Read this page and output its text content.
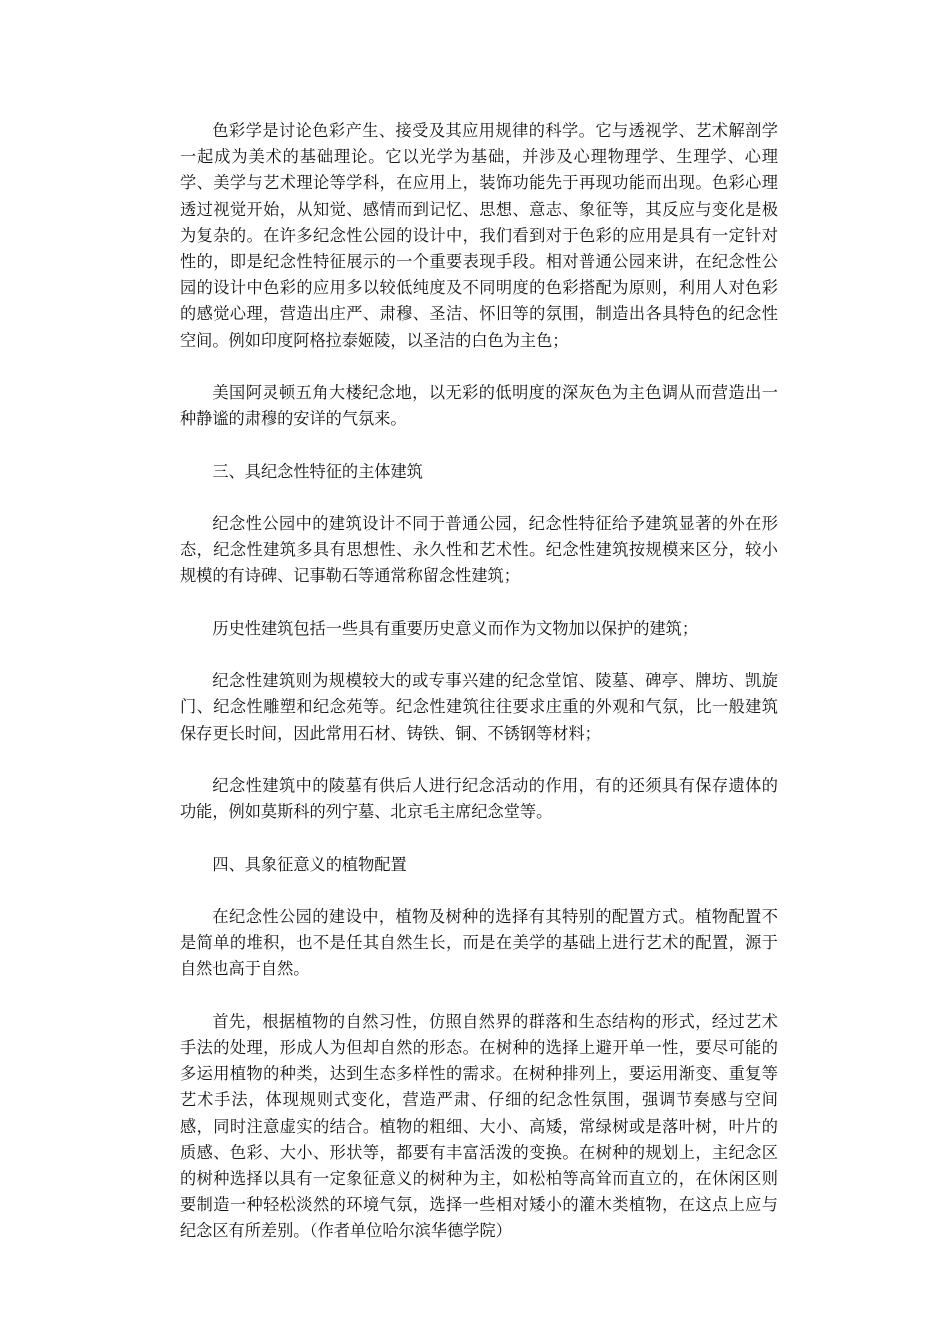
色彩学是讨论色彩产生、接受及其应用规律的科学。它与透视学、艺术解剖学一起成为美术的基础理论。它以光学为基础，并涉及心理物理学、生理学、心理学、美学与艺术理论等学科，在应用上，装饰功能先于再现功能而出现。色彩心理透过视觉开始，从知觉、感情而到记忆、思想、意志、象征等，其反应与变化是极为复杂的。在许多纪念性公园的设计中，我们看到对于色彩的应用是具有一定针对性的，即是纪念性特征展示的一个重要表现手段。相对普通公园来讲，在纪念性公园的设计中色彩的应用多以较低纯度及不同明度的色彩搭配为原则，利用人对色彩的感觉心理，营造出庄严、肃穆、圣洁、怀旧等的氛围，制造出各具特色的纪念性空间。例如印度阿格拉泰姬陵，以圣洁的白色为主色；

美国阿灵顿五角大楼纪念地，以无彩的低明度的深灰色为主色调从而营造出一种静谧的肃穆的安详的气氛来。

三、具纪念性特征的主体建筑

纪念性公园中的建筑设计不同于普通公园，纪念性特征给予建筑显著的外在形态，纪念性建筑多具有思想性、永久性和艺术性。纪念性建筑按规模来区分，较小规模的有诗碑、记事勒石等通常称留念性建筑；

历史性建筑包括一些具有重要历史意义而作为文物加以保护的建筑；

纪念性建筑则为规模较大的或专事兴建的纪念堂馆、陵墓、碑亭、牌坊、凯旋门、纪念性雕塑和纪念苑等。纪念性建筑往往要求庄重的外观和气氛，比一般建筑保存更长时间，因此常用石材、铸铁、铜、不锈钢等材料；

纪念性建筑中的陵墓有供后人进行纪念活动的作用，有的还须具有保存遗体的功能，例如莫斯科的列宁墓、北京毛主席纪念堂等。

四、具象征意义的植物配置

在纪念性公园的建设中，植物及树种的选择有其特别的配置方式。植物配置不是简单的堆积，也不是任其自然生长，而是在美学的基础上进行艺术的配置，源于自然也高于自然。

首先，根据植物的自然习性，仿照自然界的群落和生态结构的形式，经过艺术手法的处理，形成人为但却自然的形态。在树种的选择上避开单一性，要尽可能的多运用植物的种类，达到生态多样性的需求。在树种排列上，要运用渐变、重复等艺术手法，体现规则式变化，营造严肃、仔细的纪念性氛围，强调节奏感与空间感，同时注意虚实的结合。植物的粗细、大小、高矮，常绿树或是落叶树，叶片的质感、色彩、大小、形状等，都要有丰富活泼的变换。在树种的规划上，主纪念区的树种选择以具有一定象征意义的树种为主，如松柏等高耸而直立的，在休闲区则要制造一种轻松淡然的环境气氛，选择一些相对矮小的灌木类植物，在这点上应与纪念区有所差别。（作者单位哈尔滨华德学院）
